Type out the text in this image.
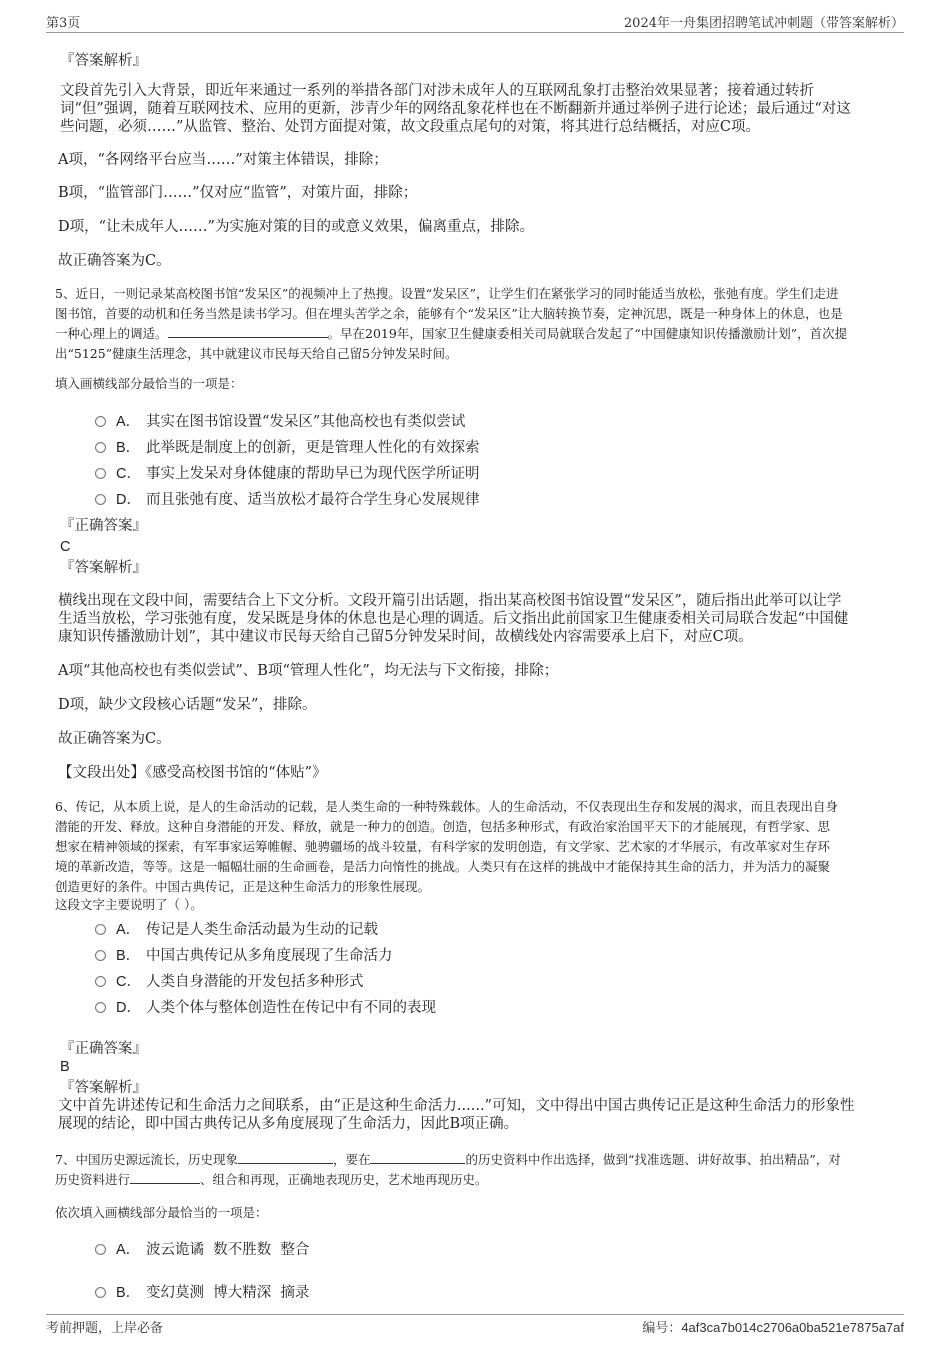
第3页	2024年一舟集团招聘笔试冲刺题（带答案解析）
『答案解析』
文段首先引入大背景，即近年来通过一系列的举措各部门对涉未成年人的互联网乱象打击整治效果显著；接着通过转折
词“但”强调，随着互联网技术、应用的更新，涉青少年的网络乱象花样也在不断翻新并通过举例子进行论述；最后通过“对这
些问题，必须……”从监管、整治、处罚方面提对策，故文段重点尾句的对策，将其进行总结概括，对应C项。
A项，“各网络平台应当……”对策主体错误，排除；
B项，“监管部门……”仅对应“监管”，对策片面，排除；
D项，“让未成年人……”为实施对策的目的或意义效果，偏离重点，排除。
故正确答案为C。
5、近日，一则记录某高校图书馆“发呆区”的视频冲上了热搜。设置“发呆区”，让学生们在紧张学习的同时能适当放松，张弛有度。学生们走进
图书馆，首要的动机和任务当然是读书学习。但在埋头苦学之余，能够有个“发呆区”让大脑转换节奏，定神沉思，既是一种身体上的休息，也是
一种心理上的调适。	。早在2019年，国家卫生健康委相关司局就联合发起了“中国健康知识传播激励计划”，首次提
出“5125”健康生活理念，其中就建议市民每天给自己留5分钟发呆时间。
填入画横线部分最恰当的一项是：
A． 其实在图书馆设置“发呆区”其他高校也有类似尝试
B． 此举既是制度上的创新，更是管理人性化的有效探索
C． 事实上发呆对身体健康的帮助早已为现代医学所证明
D． 而且张弛有度、适当放松才最符合学生身心发展规律
『正确答案』
C
『答案解析』
横线出现在文段中间，需要结合上下文分析。文段开篇引出话题，指出某高校图书馆设置“发呆区”，随后指出此举可以让学
生适当放松，学习张弛有度，发呆既是身体的休息也是心理的调适。后文指出此前国家卫生健康委相关司局联合发起“中国健
康知识传播激励计划”，其中建议市民每天给自己留5分钟发呆时间，故横线处内容需要承上启下，对应C项。
A项“其他高校也有类似尝试”、B项“管理人性化”，均无法与下文衔接，排除；
D项，缺少文段核心话题“发呆”，排除。
故正确答案为C。
【文段出处】《感受高校图书馆的“体贴”》
6、传记，从本质上说，是人的生命活动的记载，是人类生命的一种特殊载体。人的生命活动，不仅表现出生存和发展的渴求，而且表现出自身
潜能的开发、释放。这种自身潜能的开发、释放，就是一种力的创造。创造，包括多种形式，有政治家治国平天下的才能展现，有哲学家、思
想家在精神领域的探索，有军事家运筹帷幄、驰骋疆场的战斗较量，有科学家的发明创造，有文学家、艺术家的才华展示，有改革家对生存环
境的革新改造，等等。这是一幅幅壮丽的生命画卷，是活力向惰性的挑战。人类只有在这样的挑战中才能保持其生命的活力，并为活力的凝聚
创造更好的条件。中国古典传记，正是这种生命活力的形象性展现。
这段文字主要说明了（ ）。
A． 传记是人类生命活动最为生动的记载
B． 中国古典传记从多角度展现了生命活力
C． 人类自身潜能的开发包括多种形式
D． 人类个体与整体创造性在传记中有不同的表现
『正确答案』
B
『答案解析』
文中首先讲述传记和生命活力之间联系，由“正是这种生命活力......”可知，文中得出中国古典传记正是这种生命活力的形象性
展现的结论，即中国古典传记从多角度展现了生命活力，因此B项正确。
7、中国历史源远流长，历史现象	，要在	的历史资料中作出选择，做到“找准选题、讲好故事、拍出精品”，对
历史资料进行	、组合和再现，正确地表现历史，艺术地再现历史。
依次填入画横线部分最恰当的一项是：
A． 波云诡谲  数不胜数  整合
B． 变幻莫测  博大精深  摘录
考前押题，上岸必备	编号：4af3ca7b014c2706a0ba521e7875a7af
